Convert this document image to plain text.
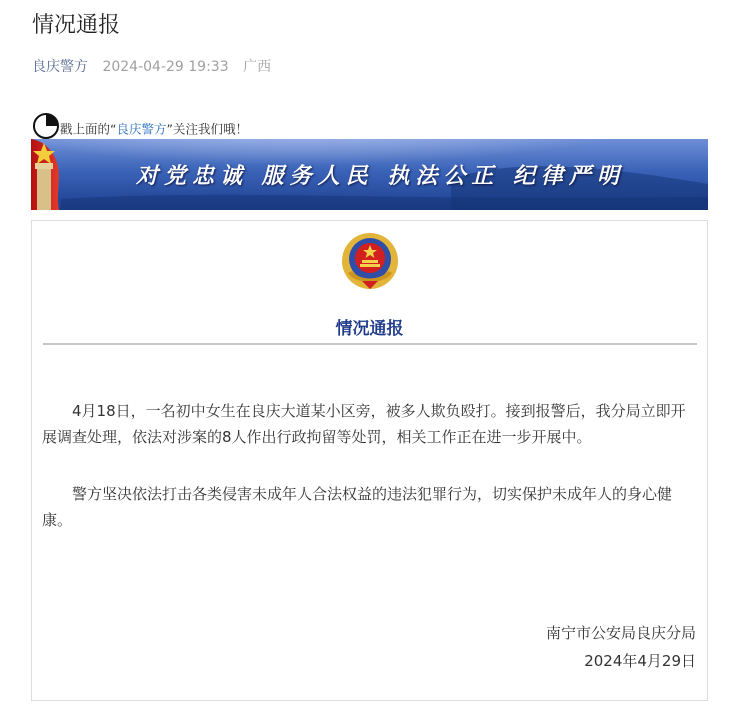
情况通报
良庆警方 2024-04-29 19:33 广西
戳上面的“良庆警方”关注我们哦！
对党忠诚 服务人民 执法公正 纪律严明
情况通报

4月18日，一名初中女生在良庆大道某小区旁，被多人欺负殴打。接到报警后，我分局立即开展调查处理，依法对涉案的8人作出行政拘留等处罚，相关工作正在进一步开展中。

警方坚决依法打击各类侵害未成年人合法权益的违法犯罪行为，切实保护未成年人的身心健康。

南宁市公安局良庆分局
2024年4月29日
